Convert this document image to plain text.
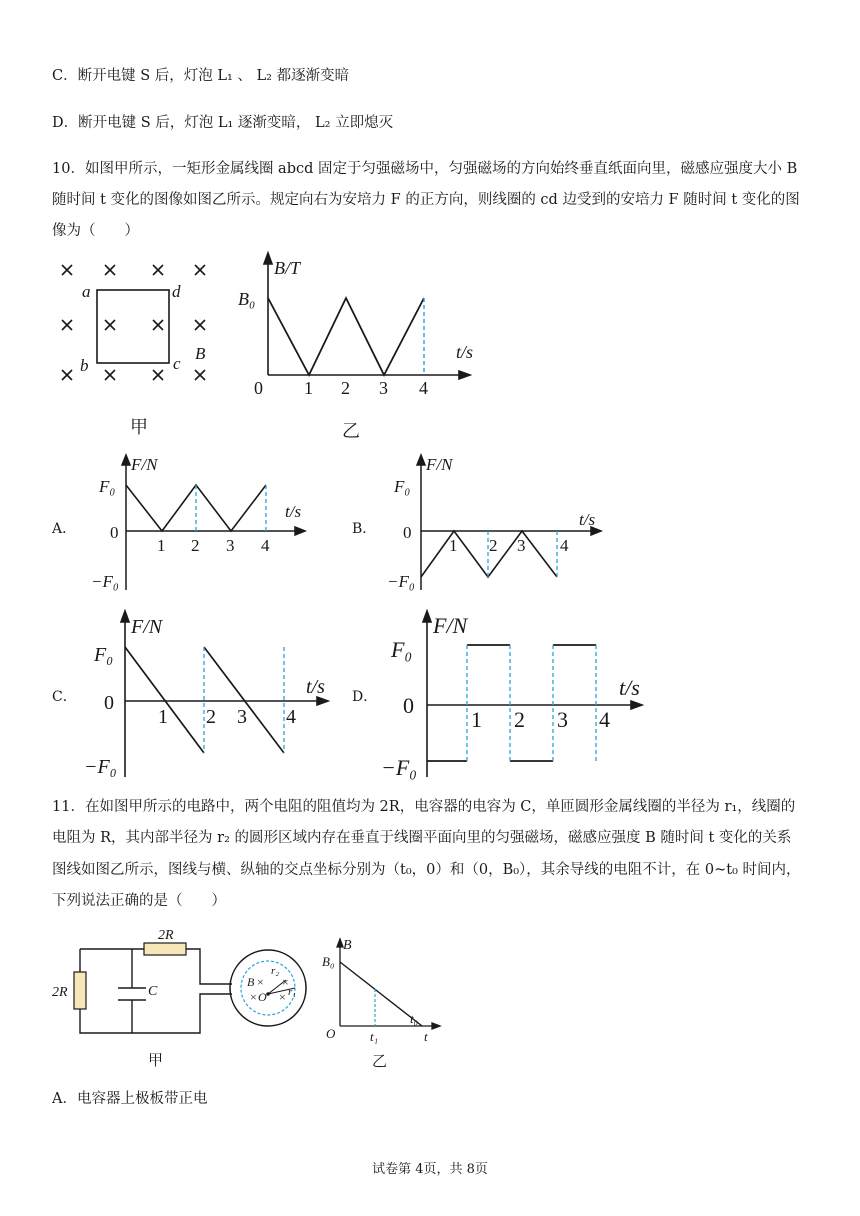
C．断开电键 S 后，灯泡 L₁ 、 L₂ 都逐渐变暗
D．断开电键 S 后，灯泡 L₁ 逐渐变暗， L₂ 立即熄灭
10．如图甲所示，一矩形金属线圈 abcd 固定于匀强磁场中，匀强磁场的方向始终垂直纸面向里，磁感应强度大小 B
随时间 t 变化的图像如图乙所示。规定向右为安培力 F 的正方向，则线圈的 cd 边受到的安培力 F 随时间 t 变化的图
像为（　　）
a	d
b	c
B
甲
B/T
B₀
t/s
0 1 2 3 4
乙
A．
F/N
F₀
t/s
0
−F₀
1 2 3 4
B．
F/N
F₀
t/s
0
−F₀
1 2 3 4
C．
F/N
F₀
t/s
0
−F₀
1 2 3 4
D．
F/N
F₀
t/s
0
−F₀
1 2 3 4
11．在如图甲所示的电路中，两个电阻的阻值均为 2R，电容器的电容为 C，单匝圆形金属线圈的半径为 r₁，线圈的
电阻为 R，其内部半径为 r₂ 的圆形区域内存在垂直于线圈平面向里的匀强磁场，磁感应强度 B 随时间 t 变化的关系
图线如图乙所示，图线与横、纵轴的交点坐标分别为（t₀，0）和（0，B₀），其余导线的电阻不计，在 0~t₀ 时间内，
下列说法正确的是（　　）
B ×
× ×
×
O
r₂
r₁
2R
2R	C
甲
B
B₀
O	t₁
t₀
t
乙
A．电容器上极板带正电
试卷第 4页，共 8页
